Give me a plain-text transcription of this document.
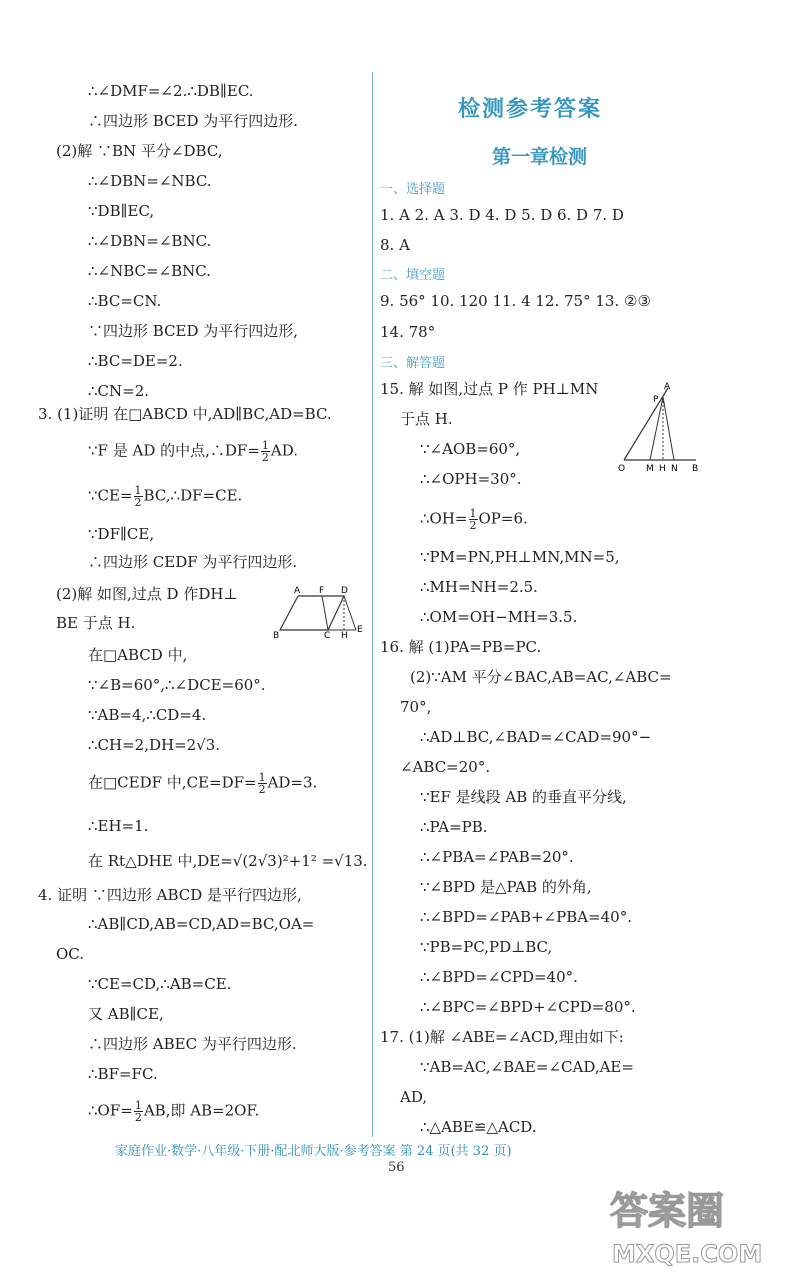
∴∠DMF=∠2.∴DB∥EC.
∴四边形 BCED 为平行四边形.
(2)解 ∵BN 平分∠DBC,
∴∠DBN=∠NBC.
∵DB∥EC,
∴∠DBN=∠BNC.
∴∠NBC=∠BNC.
∴BC=CN.
∵四边形 BCED 为平行四边形,
∴BC=DE=2.
∴CN=2.
3. (1)证明 在□ABCD 中,AD∥BC,AD=BC.
∵F 是 AD 的中点,∴DF= $\frac{1}{2}$ AD.
∵CE= $\frac{1}{2}$ BC,∴DF=CE.
∵DF∥CE,
∴四边形 CEDF 为平行四边形.
(2)解 如图,过点 D 作DH⊥
BE 于点 H.
A F D
B	C H
E
在□ABCD 中,
∵∠B=60°,∴∠DCE=60°.
∵AB=4,∴CD=4.
∴CH=2,DH=2√3.
在□CEDF 中$,CE=DF= \frac{1}{2} AD=3$.
∴EH=1.
在 Rt△DHE 中,DE=√(2√3)²+1² =√13.
4. 证明 ∵四边形 ABCD 是平行四边形,
∴AB∥CD,AB=CD,AD=BC,OA=
OC.
∵CE=CD,∴AB=CE.
又 AB∥CE,
∴四边形 ABEC 为平行四边形.
∴BF=FC.
∴OF= $\frac{1}{2}$ AB,即 AB=2OF.
检测参考答案
第一章检测
一、选择题
1. A 2. A 3. D 4. D 5. D 6. D 7. D
8. A
二、填空题
9. 56° 10. 120 11. 4 12. 75° 13. ②③
14. 78°
三、解答题
15. 解 如图,过点 P 作 PH⊥MN
于点 H.
A
P
O M H N B
∵∠AOB=60°,
∴∠OPH=30°.
∴OH= $\frac{1}{2} OP=6$.
∵PM=PN,PH⊥MN,MN=5,
∴MH=NH=2.5.
∴OM=OH−MH=3.5.
16. 解 (1)PA=PB=PC.
(2)∵AM 平分∠BAC,AB=AC,∠ABC=
70°,
∴AD⊥BC,∠BAD=∠CAD=90°−
∠ABC=20°.
∵EF 是线段 AB 的垂直平分线,
∴PA=PB.
∴∠PBA=∠PAB=20°.
∵∠BPD 是△PAB 的外角,
∴∠BPD=∠PAB+∠PBA=40°.
∵PB=PC,PD⊥BC,
∴∠BPD=∠CPD=40°.
∴∠BPC=∠BPD+∠CPD=80°.
17. (1)解 ∠ABE=∠ACD,理由如下:
∵AB=AC,∠BAE=∠CAD,AE=
AD,
∴△ABE≌△ACD.
家庭作业·数学·八年级·下册·配北师大版·参考答案 第 24 页(共 32 页)
56
答案圈
MXQE.COM
